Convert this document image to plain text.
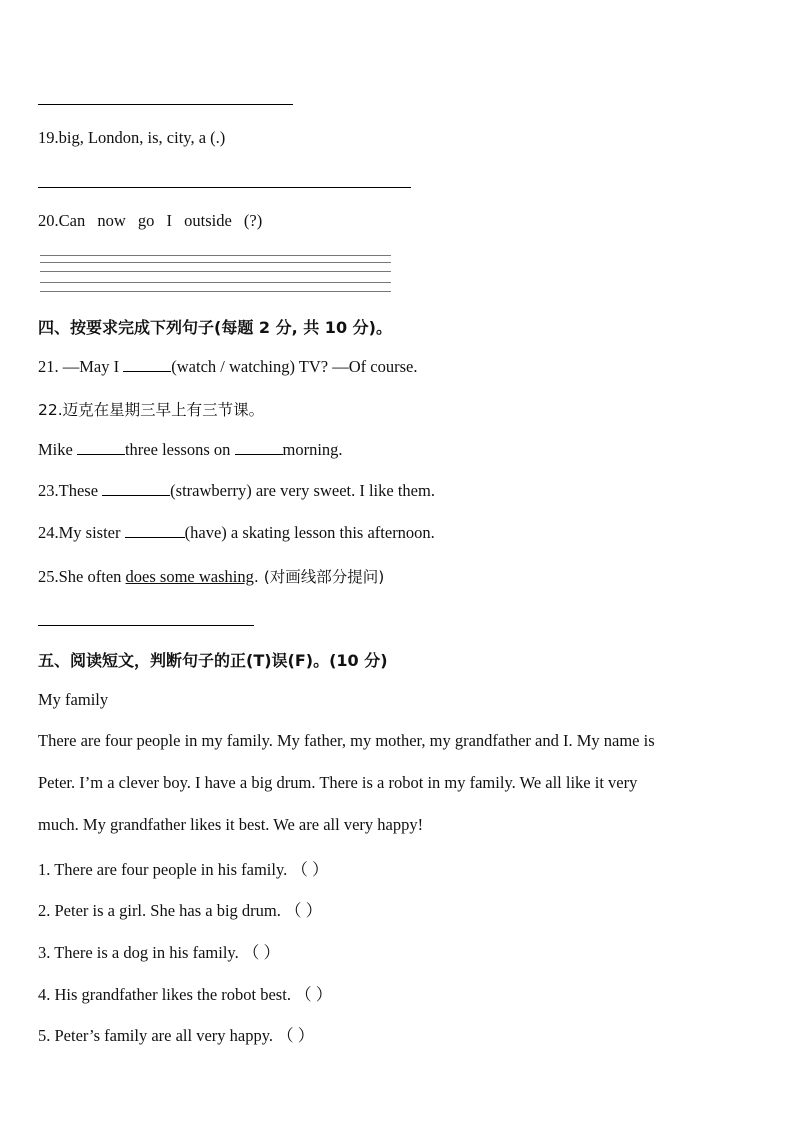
19.big, London, is, city, a (.)
20.Can now go I outside (?)
四、按要求完成下列句子(每题 2 分, 共 10 分)。
21. —May I	(watch / watching) TV? —Of course.
22.迈克在星期三早上有三节课。
Mike	three lessons on	morning.
23.These	(strawberry) are very sweet. I like them.
24.My sister	(have) a skating lesson this afternoon.
25.She often does some washing. (对画线部分提问)
五、阅读短文，判断句子的正(T)误(F)。(10 分)
My family
There are four people in my family. My father, my mother, my grandfather and I. My name is
Peter. I’m a clever boy. I have a big drum. There is a robot in my family. We all like it very
much. My grandfather likes it best. We are all very happy!
1. There are four people in his family. （ ）
2. Peter is a girl. She has a big drum. （ ）
3. There is a dog in his family. （ ）
4. His grandfather likes the robot best. （ ）
5. Peter’s family are all very happy. （ ）
